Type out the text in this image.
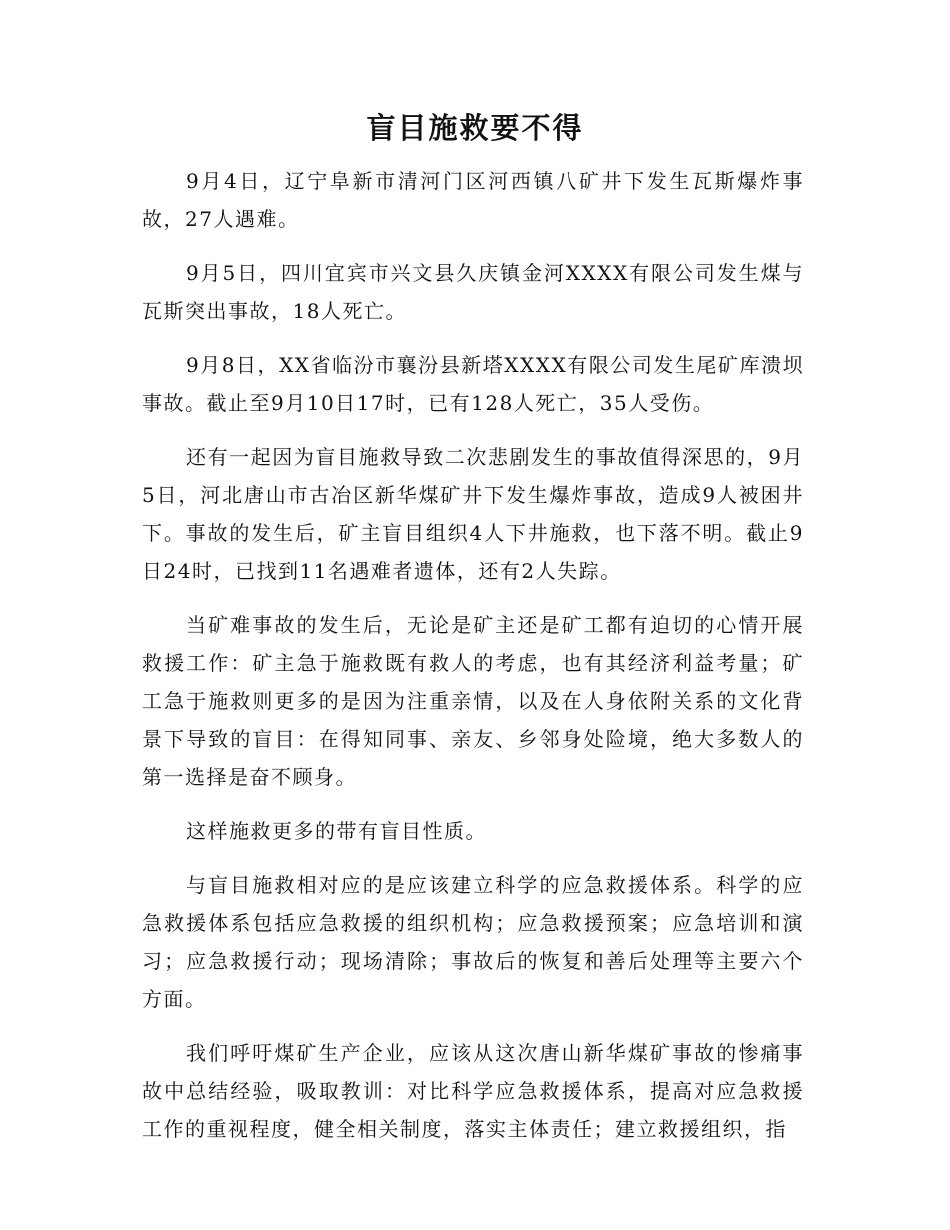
盲目施救要不得

9月4日，辽宁阜新市清河门区河西镇八矿井下发生瓦斯爆炸事故，27人遇难。

9月5日，四川宜宾市兴文县久庆镇金河XXXX有限公司发生煤与瓦斯突出事故，18人死亡。

9月8日，XX省临汾市襄汾县新塔XXXX有限公司发生尾矿库溃坝事故。截止至9月10日17时，已有128人死亡，35人受伤。

还有一起因为盲目施救导致二次悲剧发生的事故值得深思的，9月5日，河北唐山市古冶区新华煤矿井下发生爆炸事故，造成9人被困井下。事故的发生后，矿主盲目组织4人下井施救，也下落不明。截止9日24时，已找到11名遇难者遗体，还有2人失踪。

当矿难事故的发生后，无论是矿主还是矿工都有迫切的心情开展救援工作：矿主急于施救既有救人的考虑，也有其经济利益考量；矿工急于施救则更多的是因为注重亲情，以及在人身依附关系的文化背景下导致的盲目：在得知同事、亲友、乡邻身处险境，绝大多数人的第一选择是奋不顾身。

这样施救更多的带有盲目性质。

与盲目施救相对应的是应该建立科学的应急救援体系。科学的应急救援体系包括应急救援的组织机构；应急救援预案；应急培训和演习；应急救援行动；现场清除；事故后的恢复和善后处理等主要六个方面。

我们呼吁煤矿生产企业，应该从这次唐山新华煤矿事故的惨痛事故中总结经验，吸取教训：对比科学应急救援体系，提高对应急救援工作的重视程度，健全相关制度，落实主体责任；建立救援组织，指
